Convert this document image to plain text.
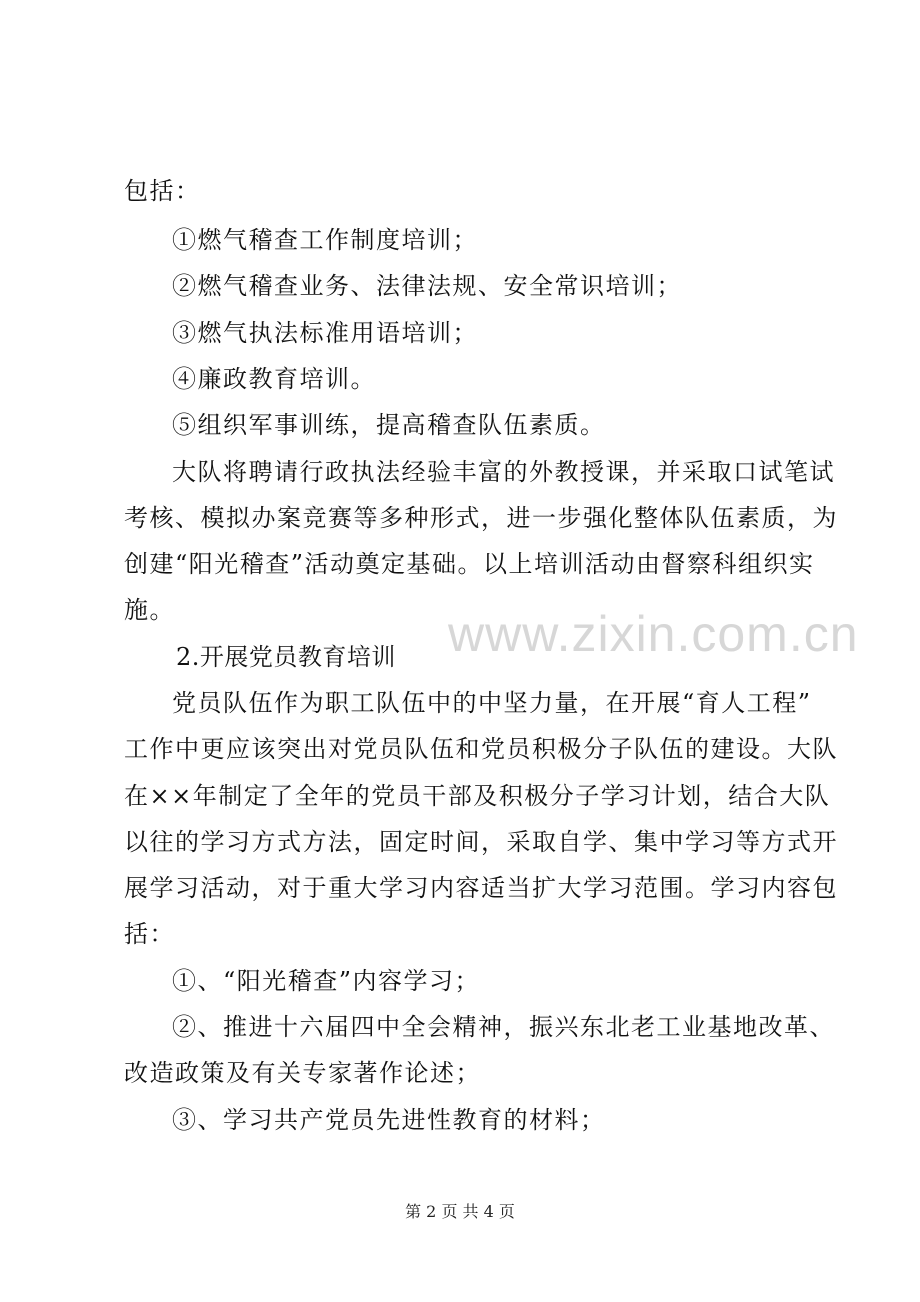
包括：
①燃气稽查工作制度培训；
②燃气稽查业务、法律法规、安全常识培训；
③燃气执法标准用语培训；
④廉政教育培训。
⑤组织军事训练，提高稽查队伍素质。
大队将聘请行政执法经验丰富的外教授课，并采取口试笔试
考核、模拟办案竞赛等多种形式，进一步强化整体队伍素质，为
创建“阳光稽查”活动奠定基础。以上培训活动由督察科组织实
施。
2.开展党员教育培训
党员队伍作为职工队伍中的中坚力量，在开展“育人工程”
工作中更应该突出对党员队伍和党员积极分子队伍的建设。大队
在××年制定了全年的党员干部及积极分子学习计划，结合大队
以往的学习方式方法，固定时间，采取自学、集中学习等方式开
展学习活动，对于重大学习内容适当扩大学习范围。学习内容包
括：
①、“阳光稽查”内容学习；
②、推进十六届四中全会精神，振兴东北老工业基地改革、
改造政策及有关专家著作论述；
③、学习共产党员先进性教育的材料；
www.zixin.com.cn
第 2 页 共 4 页
